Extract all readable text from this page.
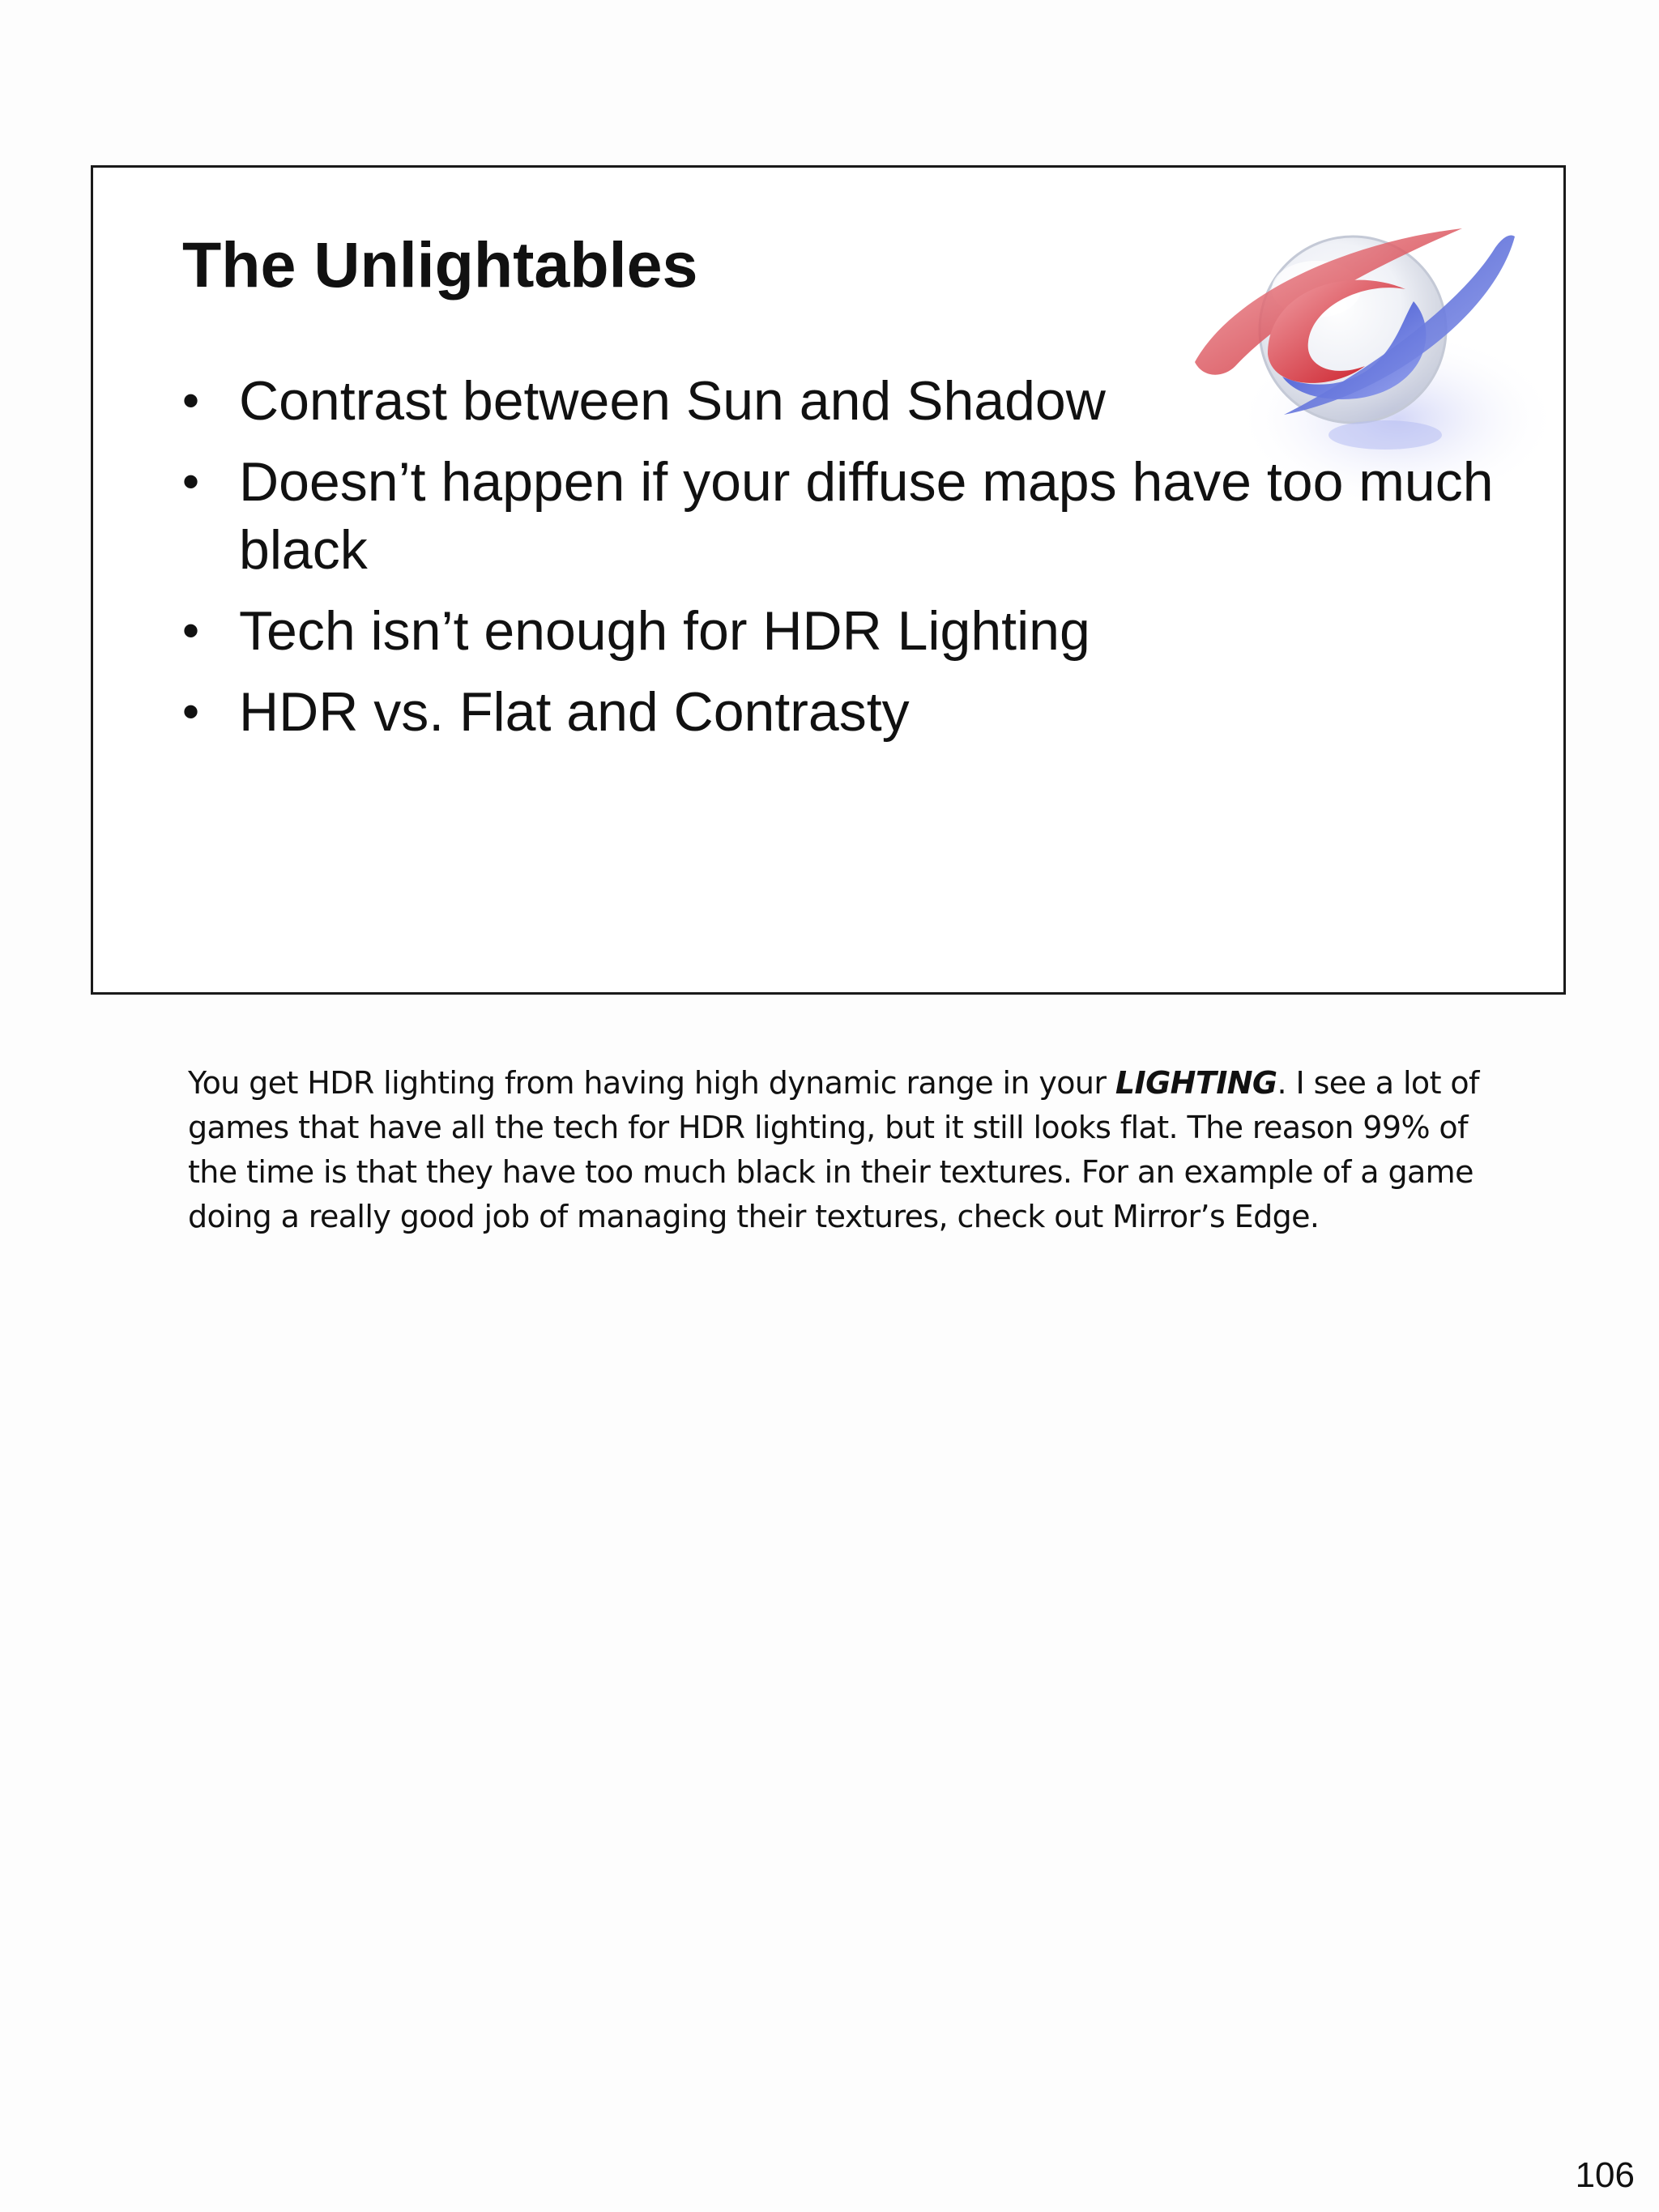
The Unlightables
• Contrast between Sun and Shadow
• Doesn’t happen if your diffuse maps have too much black
• Tech isn’t enough for HDR Lighting
• HDR vs. Flat and Contrasty

You get HDR lighting from having high dynamic range in your LIGHTING. I see a lot of games that have all the tech for HDR lighting, but it still looks flat. The reason 99% of the time is that they have too much black in their textures. For an example of a game doing a really good job of managing their textures, check out Mirror’s Edge.

106
